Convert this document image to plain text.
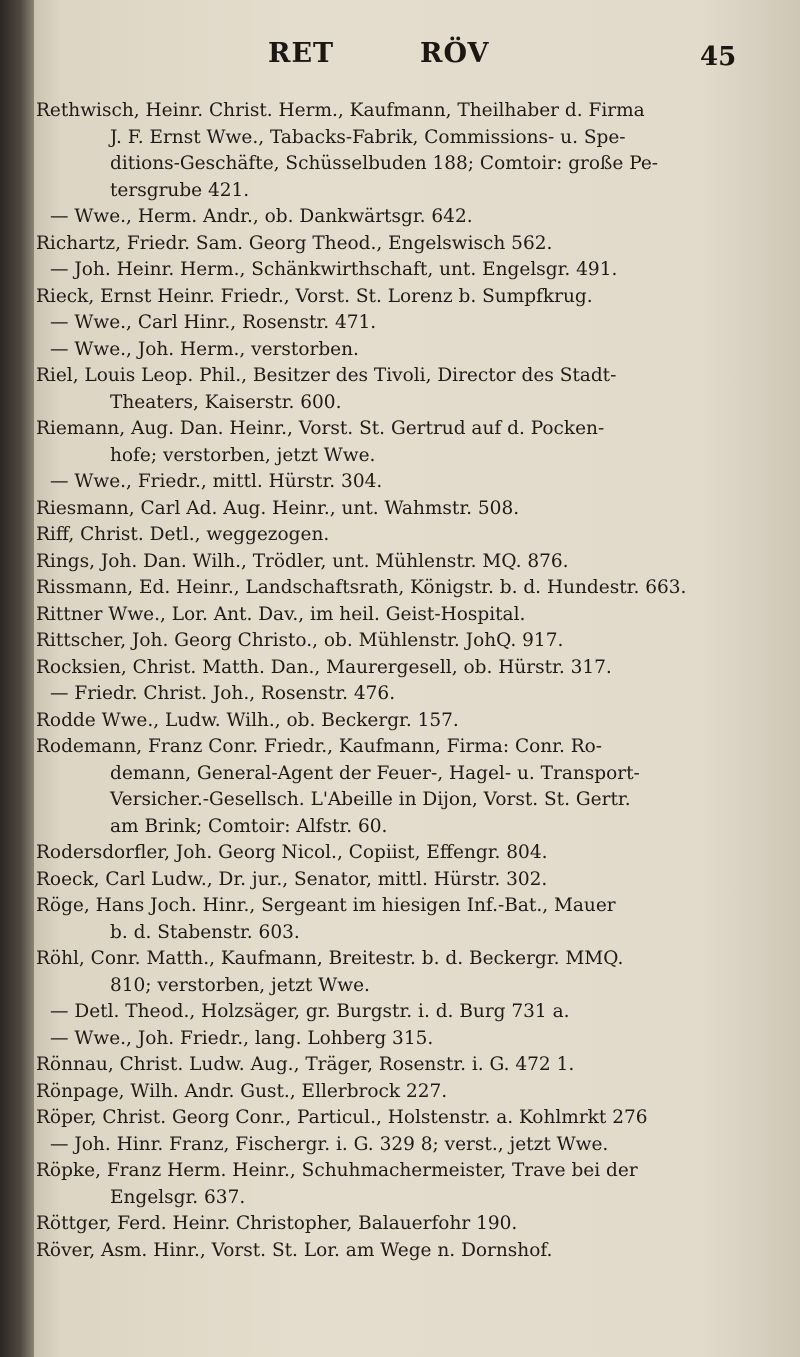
RET	RÖV	45
Rethwisch, Heinr. Christ. Herm., Kaufmann, Theilhaber d. Firma
J. F. Ernst Wwe., Tabacks-Fabrik, Commissions- u. Spe-
ditions-Geschäfte, Schüsselbuden 188; Comtoir: große Pe-
tersgrube 421.
— Wwe., Herm. Andr., ob. Dankwärtsgr. 642.
Richartz, Friedr. Sam. Georg Theod., Engelswisch 562.
— Joh. Heinr. Herm., Schänkwirthschaft, unt. Engelsgr. 491.
Rieck, Ernst Heinr. Friedr., Vorst. St. Lorenz b. Sumpfkrug.
— Wwe., Carl Hinr., Rosenstr. 471.
— Wwe., Joh. Herm., verstorben.
Riel, Louis Leop. Phil., Besitzer des Tivoli, Director des Stadt-
Theaters, Kaiserstr. 600.
Riemann, Aug. Dan. Heinr., Vorst. St. Gertrud auf d. Pocken-
hofe; verstorben, jetzt Wwe.
— Wwe., Friedr., mittl. Hürstr. 304.
Riesmann, Carl Ad. Aug. Heinr., unt. Wahmstr. 508.
Riff, Christ. Detl., weggezogen.
Rings, Joh. Dan. Wilh., Trödler, unt. Mühlenstr. MQ. 876.
Rissmann, Ed. Heinr., Landschaftsrath, Königstr. b. d. Hundestr. 663.
Rittner Wwe., Lor. Ant. Dav., im heil. Geist-Hospital.
Rittscher, Joh. Georg Christo., ob. Mühlenstr. JohQ. 917.
Rocksien, Christ. Matth. Dan., Maurergesell, ob. Hürstr. 317.
— Friedr. Christ. Joh., Rosenstr. 476.
Rodde Wwe., Ludw. Wilh., ob. Beckergr. 157.
Rodemann, Franz Conr. Friedr., Kaufmann, Firma: Conr. Ro-
demann, General-Agent der Feuer-, Hagel- u. Transport-
Versicher.-Gesellsch. L'Abeille in Dijon, Vorst. St. Gertr.
am Brink; Comtoir: Alfstr. 60.
Rodersdorfler, Joh. Georg Nicol., Copiist, Effengr. 804.
Roeck, Carl Ludw., Dr. jur., Senator, mittl. Hürstr. 302.
Röge, Hans Joch. Hinr., Sergeant im hiesigen Inf.-Bat., Mauer
b. d. Stabenstr. 603.
Röhl, Conr. Matth., Kaufmann, Breitestr. b. d. Beckergr. MMQ.
810; verstorben, jetzt Wwe.
— Detl. Theod., Holzsäger, gr. Burgstr. i. d. Burg 731 a.
— Wwe., Joh. Friedr., lang. Lohberg 315.
Rönnau, Christ. Ludw. Aug., Träger, Rosenstr. i. G. 472 1.
Rönpage, Wilh. Andr. Gust., Ellerbrock 227.
Röper, Christ. Georg Conr., Particul., Holstenstr. a. Kohlmrkt 276
— Joh. Hinr. Franz, Fischergr. i. G. 329 8; verst., jetzt Wwe.
Röpke, Franz Herm. Heinr., Schuhmachermeister, Trave bei der
Engelsgr. 637.
Röttger, Ferd. Heinr. Christopher, Balauerfohr 190.
Röver, Asm. Hinr., Vorst. St. Lor. am Wege n. Dornshof.
